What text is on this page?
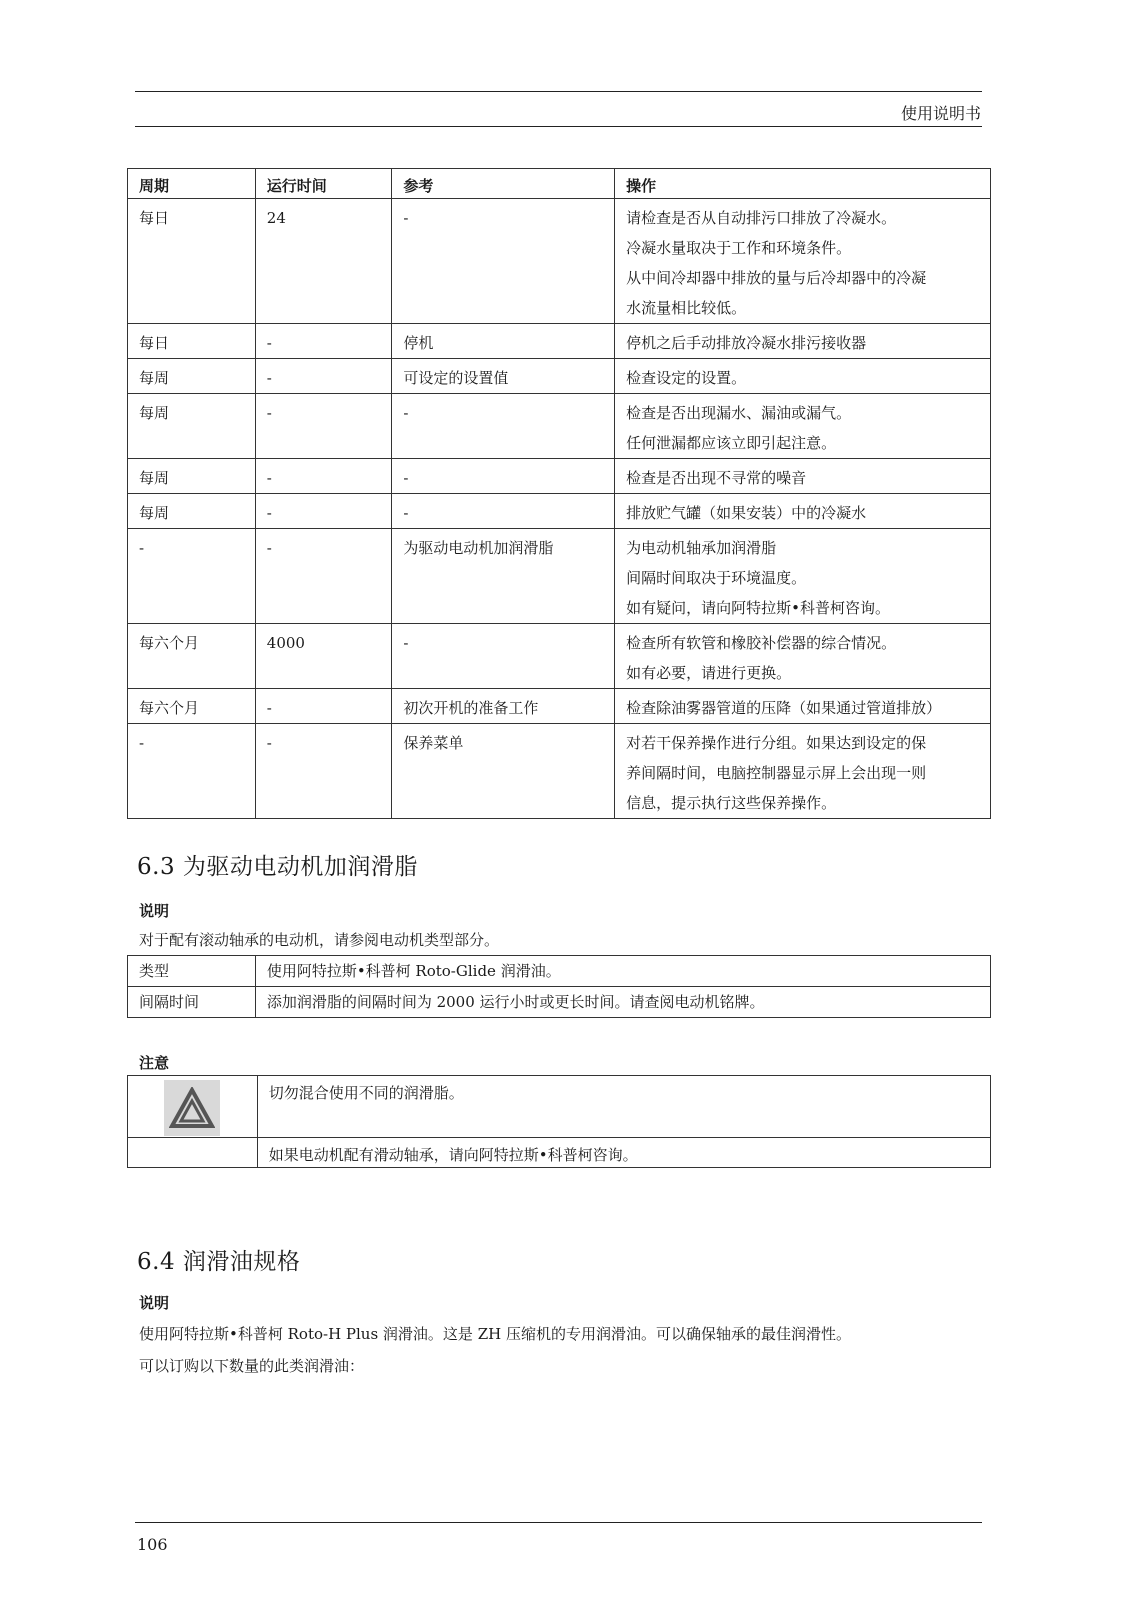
使用说明书
周期	运行时间	参考	操作

每日	24	-	请检查是否从自动排污口排放了冷凝水。
冷凝水量取决于工作和环境条件。
从中间冷却器中排放的量与后冷却器中的冷凝
水流量相比较低。

每日	-	停机	停机之后手动排放冷凝水排污接收器

每周	-	可设定的设置值	检查设定的设置。

每周	-	-	检查是否出现漏水、漏油或漏气。
任何泄漏都应该立即引起注意。

每周	-	-	检查是否出现不寻常的噪音

每周	-	-	排放贮气罐（如果安装）中的冷凝水

-	-	为驱动电动机加润滑脂	为电动机轴承加润滑脂
间隔时间取决于环境温度。
如有疑问，请向阿特拉斯•科普柯咨询。

每六个月	4000	-	检查所有软管和橡胶补偿器的综合情况。
如有必要，请进行更换。

每六个月	-	初次开机的准备工作	检查除油雾器管道的压降（如果通过管道排放）

-	-	保养菜单	对若干保养操作进行分组。如果达到设定的保
养间隔时间，电脑控制器显示屏上会出现一则
信息，提示执行这些保养操作。
6.3 为驱动电动机加润滑脂
说明
对于配有滚动轴承的电动机，请参阅电动机类型部分。
类型	使用阿特拉斯•科普柯 Roto-Glide 润滑油。
间隔时间	添加润滑脂的间隔时间为 2000 运行小时或更长时间。请查阅电动机铭牌。
注意
	切勿混合使用不同的润滑脂。
	如果电动机配有滑动轴承，请向阿特拉斯•科普柯咨询。
6.4 润滑油规格
说明
使用阿特拉斯•科普柯 Roto-H Plus 润滑油。这是 ZH 压缩机的专用润滑油。可以确保轴承的最佳润滑性。
可以订购以下数量的此类润滑油：
106
